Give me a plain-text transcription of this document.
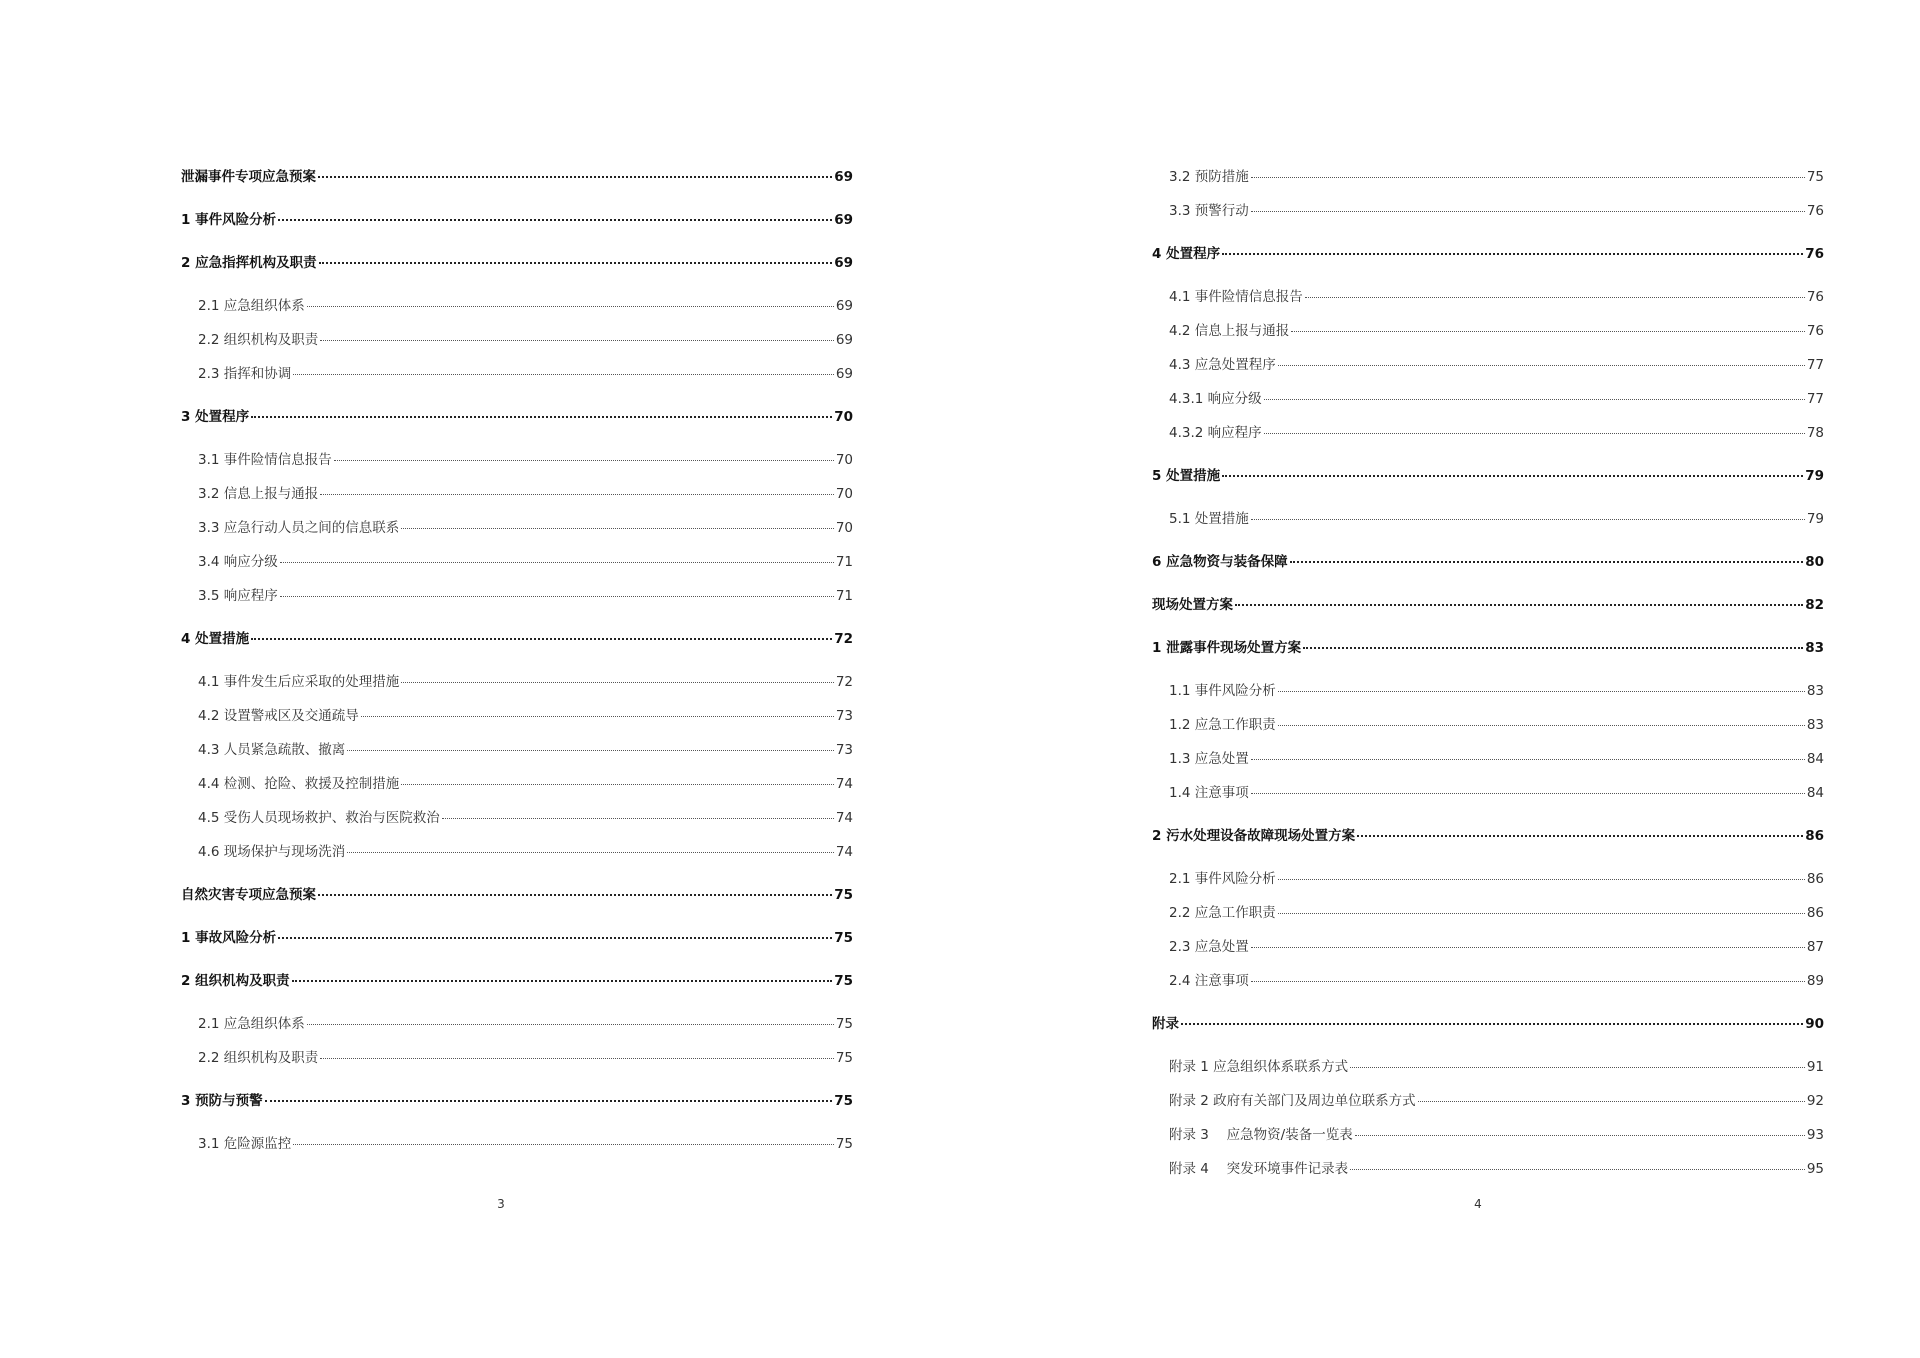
泄漏事件专项应急预案	69
1 事件风险分析	69
2 应急指挥机构及职责	69
2.1 应急组织体系	69
2.2 组织机构及职责	69
2.3 指挥和协调	69
3 处置程序	70
3.1 事件险情信息报告	70
3.2 信息上报与通报	70
3.3 应急行动人员之间的信息联系	70
3.4 响应分级	71
3.5 响应程序	71
4 处置措施	72
4.1 事件发生后应采取的处理措施	72
4.2 设置警戒区及交通疏导	73
4.3 人员紧急疏散、撤离	73
4.4 检测、抢险、救援及控制措施	74
4.5 受伤人员现场救护、救治与医院救治	74
4.6 现场保护与现场洗消	74
自然灾害专项应急预案	75
1 事故风险分析	75
2 组织机构及职责	75
2.1 应急组织体系	75
2.2 组织机构及职责	75
3 预防与预警	75
3.1 危险源监控	75
3
3.2 预防措施	75
3.3 预警行动	76
4 处置程序	76
4.1 事件险情信息报告	76
4.2 信息上报与通报	76
4.3 应急处置程序	77
4.3.1 响应分级	77
4.3.2 响应程序	78
5 处置措施	79
5.1 处置措施	79
6 应急物资与装备保障	80
现场处置方案	82
1 泄露事件现场处置方案	83
1.1 事件风险分析	83
1.2 应急工作职责	83
1.3 应急处置	84
1.4 注意事项	84
2 污水处理设备故障现场处置方案	86
2.1 事件风险分析	86
2.2 应急工作职责	86
2.3 应急处置	87
2.4 注意事项	89
附录	90
附录 1 应急组织体系联系方式	91
附录 2 政府有关部门及周边单位联系方式	92
附录 3　 应急物资/装备一览表	93
附录 4　 突发环境事件记录表	95
4
